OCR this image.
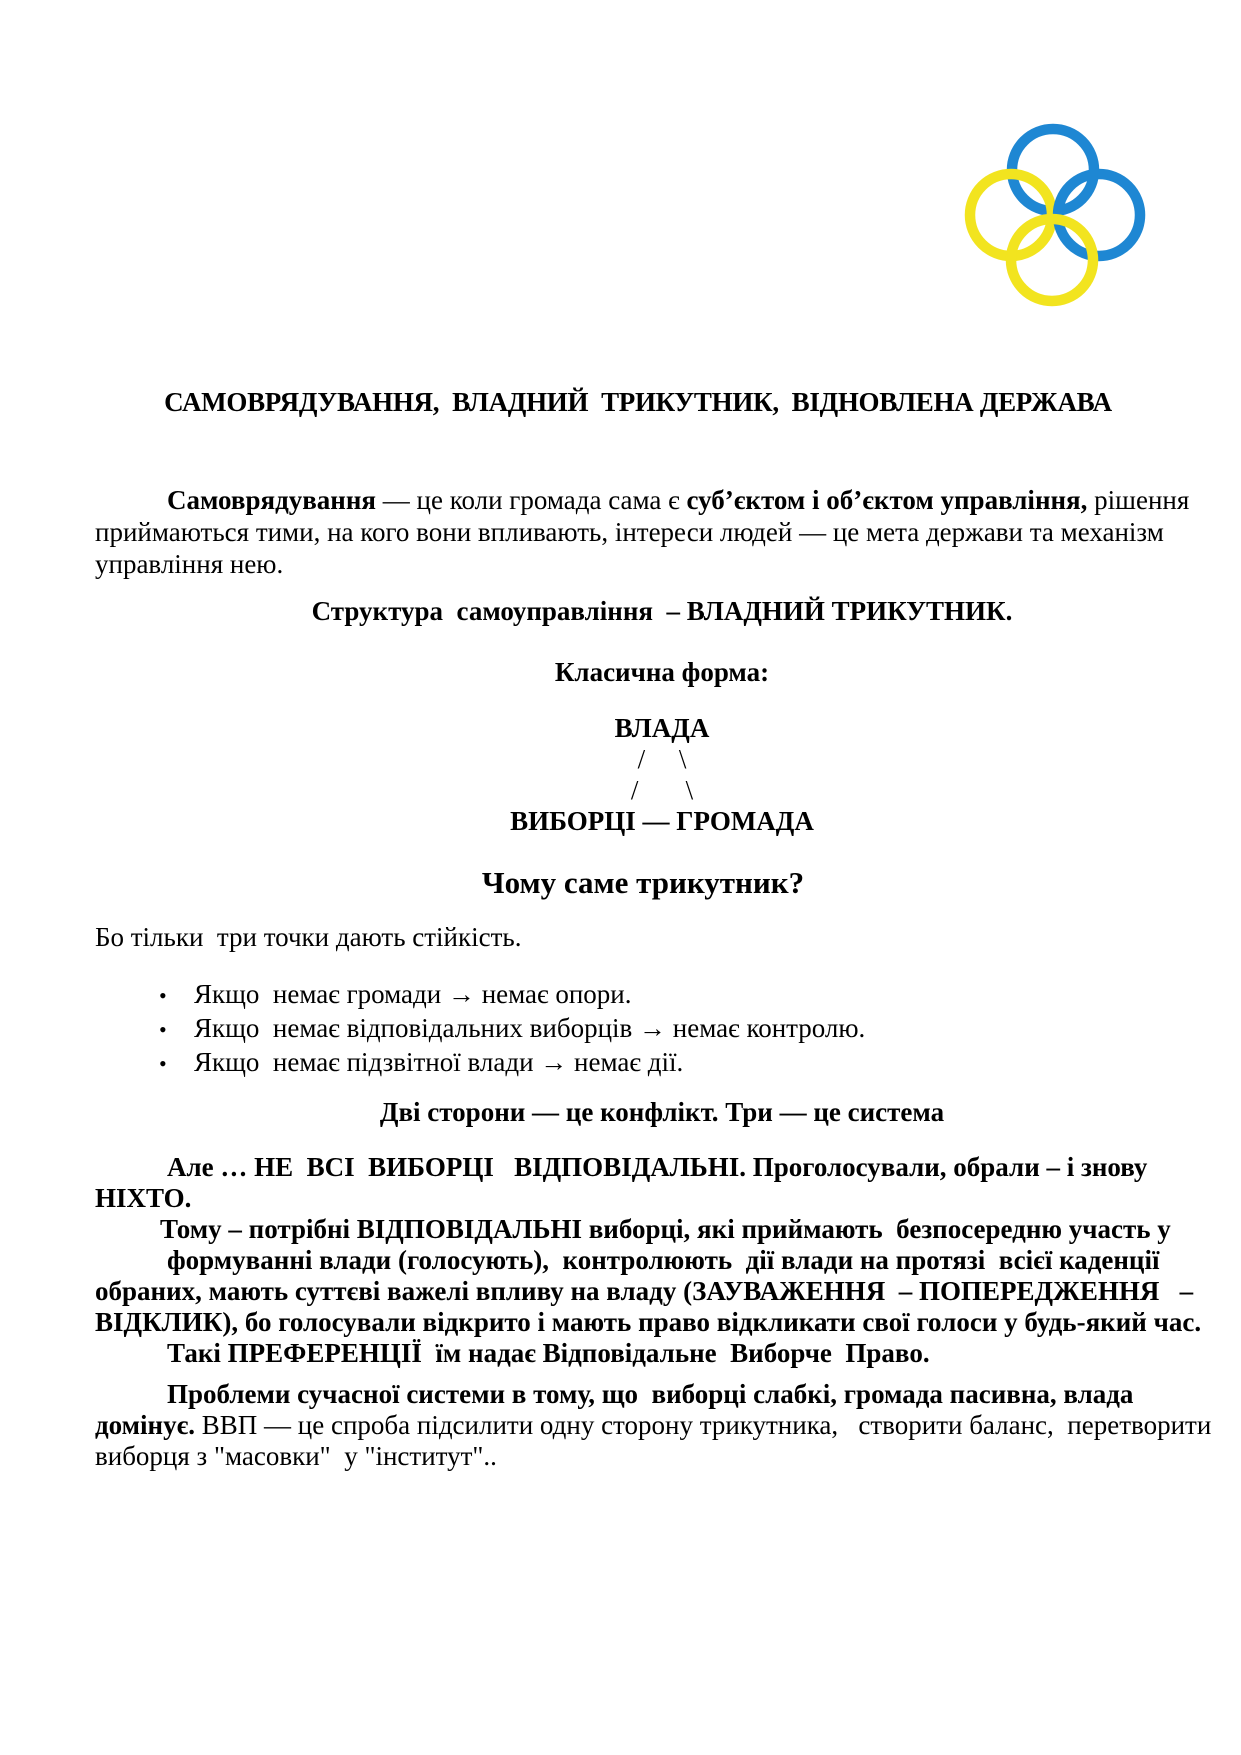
САМОВРЯДУВАННЯ,  ВЛАДНИЙ  ТРИКУТНИК,  ВІДНОВЛЕНА ДЕРЖАВА
Самоврядування — це коли громада сама є суб’єктом і об’єктом управління, рішення
приймаються тими, на кого вони впливають, інтереси людей — це мета держави та механізм
управління нею.
Структура  самоуправління  – ВЛАДНИЙ ТРИКУТНИК.
Класична форма:
ВЛАДА
/     \
/       \
ВИБОРЦІ — ГРОМАДА
Чому саме трикутник?
Бо тільки  три точки дають стійкість.
•	Якщо  немає громади → немає опори.
•	Якщо  немає відповідальних виборців → немає контролю.
•	Якщо  немає підзвітної влади → немає дії.
Дві сторони — це конфлікт. Три — це система
Але … НЕ  ВСІ  ВИБОРЦІ   ВІДПОВІДАЛЬНІ. Проголосували, обрали – і знову
НІХТО.
Тому – потрібні ВІДПОВІДАЛЬНІ виборці, які приймають  безпосередню участь у
формуванні влади (голосують),  контролюють  дії влади на протязі  всієї каденції
обраних, мають суттєві важелі впливу на владу (ЗАУВАЖЕННЯ  – ПОПЕРЕДЖЕННЯ   –
ВІДКЛИК), бо голосували відкрито і мають право відкликати свої голоси у будь-який час.
Такі ПРЕФЕРЕНЦІЇ  їм надає Відповідальне  Виборче  Право.
Проблеми сучасної системи в тому, що  виборці слабкі, громада пасивна, влада
домінує. ВВП — це спроба підсилити одну сторону трикутника,   створити баланс,  перетворити
виборця з "масовки"  у "інститут"..
